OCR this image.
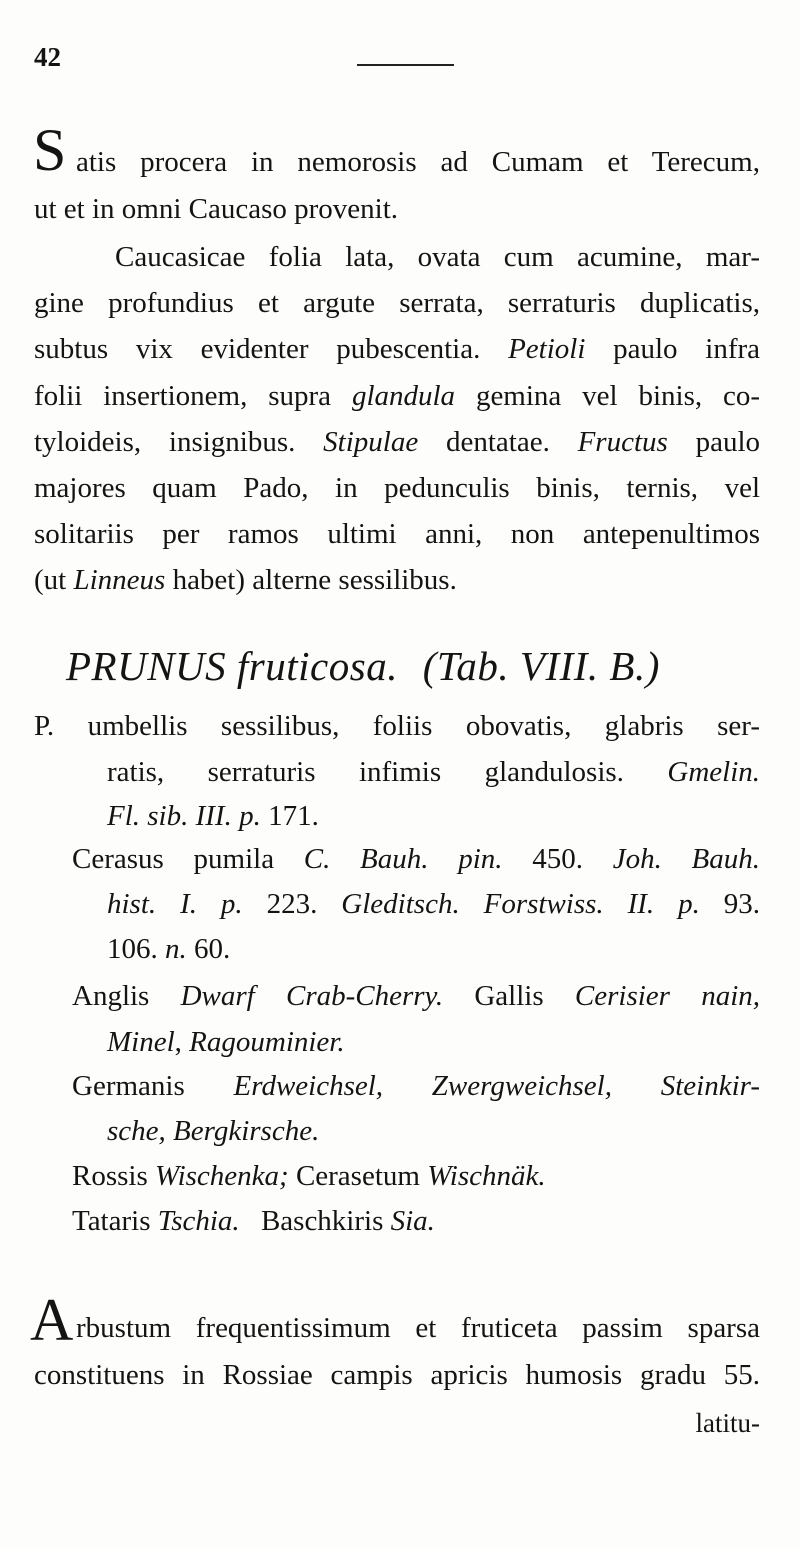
42
S atis procera in nemorosis ad Cumam et Terecum,
ut et in omni Caucaso provenit.
Caucasicae folia lata, ovata cum acumine, mar-
gine profundius et argute serrata, serraturis duplicatis,
subtus vix evidenter pubescentia. Petioli paulo infra
folii insertionem, supra glandula gemina vel binis, co-
tyloideis, insignibus. Stipulae dentatae. Fructus paulo
majores quam Pado, in pedunculis binis, ternis, vel
solitariis per ramos ultimi anni, non antepenultimos
(ut Linneus habet) alterne sessilibus.
PRUNUS fruticosa. (Tab. VIII. B.)
P. umbellis sessilibus, foliis obovatis, glabris ser-
ratis, serraturis infimis glandulosis. Gmelin.
Fl. sib. III. p. 171.
Cerasus pumila C. Bauh. pin. 450. Joh. Bauh.
hist. I. p. 223. Gleditsch. Forstwiss. II. p. 93.
106. n. 60.
Anglis Dwarf Crab-Cherry. Gallis Cerisier nain,
Minel, Ragouminier.
Germanis Erdweichsel, Zwergweichsel, Steinkir-
sche, Bergkirsche.
Rossis Wischenka; Cerasetum Wischnäk.
Tataris Tschia. Baschkiris Sia.
A rbustum frequentissimum et fruticeta passim sparsa
constituens in Rossiae campis apricis humosis gradu 55.
latitu-
